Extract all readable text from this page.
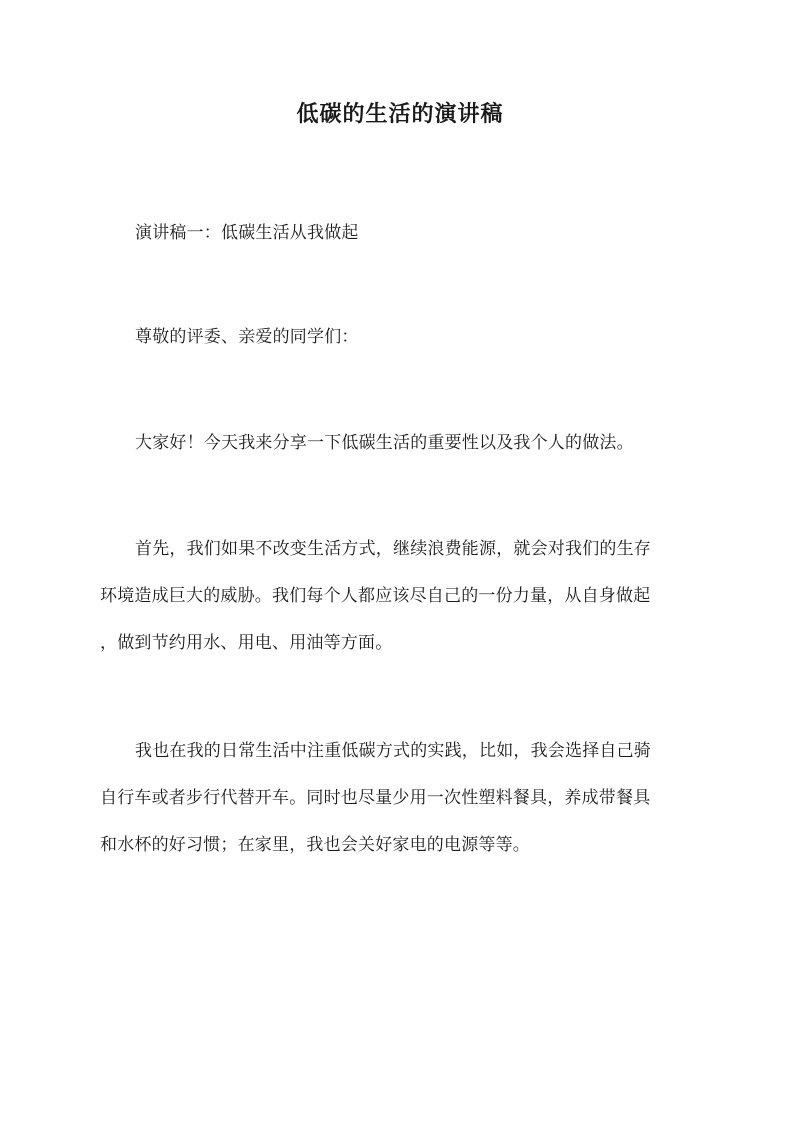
低碳的生活的演讲稿

演讲稿一：低碳生活从我做起

尊敬的评委、亲爱的同学们：

大家好！今天我来分享一下低碳生活的重要性以及我个人的做法。

首先，我们如果不改变生活方式，继续浪费能源，就会对我们的生存
环境造成巨大的威胁。我们每个人都应该尽自己的一份力量，从自身做起
，做到节约用水、用电、用油等方面。

我也在我的日常生活中注重低碳方式的实践，比如，我会选择自己骑
自行车或者步行代替开车。同时也尽量少用一次性塑料餐具，养成带餐具
和水杯的好习惯；在家里，我也会关好家电的电源等等。
